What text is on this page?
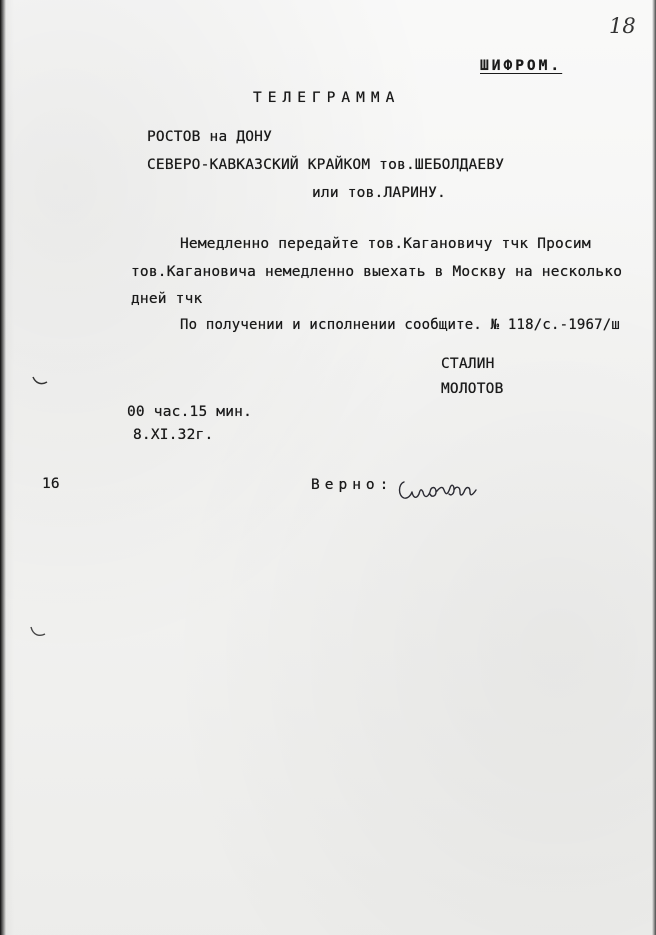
18
ШИФРОМ.
ТЕЛЕГРАММА
РОСТОВ на ДОНУ
СЕВЕРО-КАВКАЗСКИЙ КРАЙКОМ тов.ШЕБОЛДАЕВУ
или тов.ЛАРИНУ.
Немедленно передайте тов.Кагановичу тчк Просим
тов.Кагановича немедленно выехать в Москву на несколько
дней тчк
По получении и исполнении сообщите. № 118/с.-1967/ш
СТАЛИН
МОЛОТОВ
00 час.15 мин.
8.XI.32г.
16	Верно:
